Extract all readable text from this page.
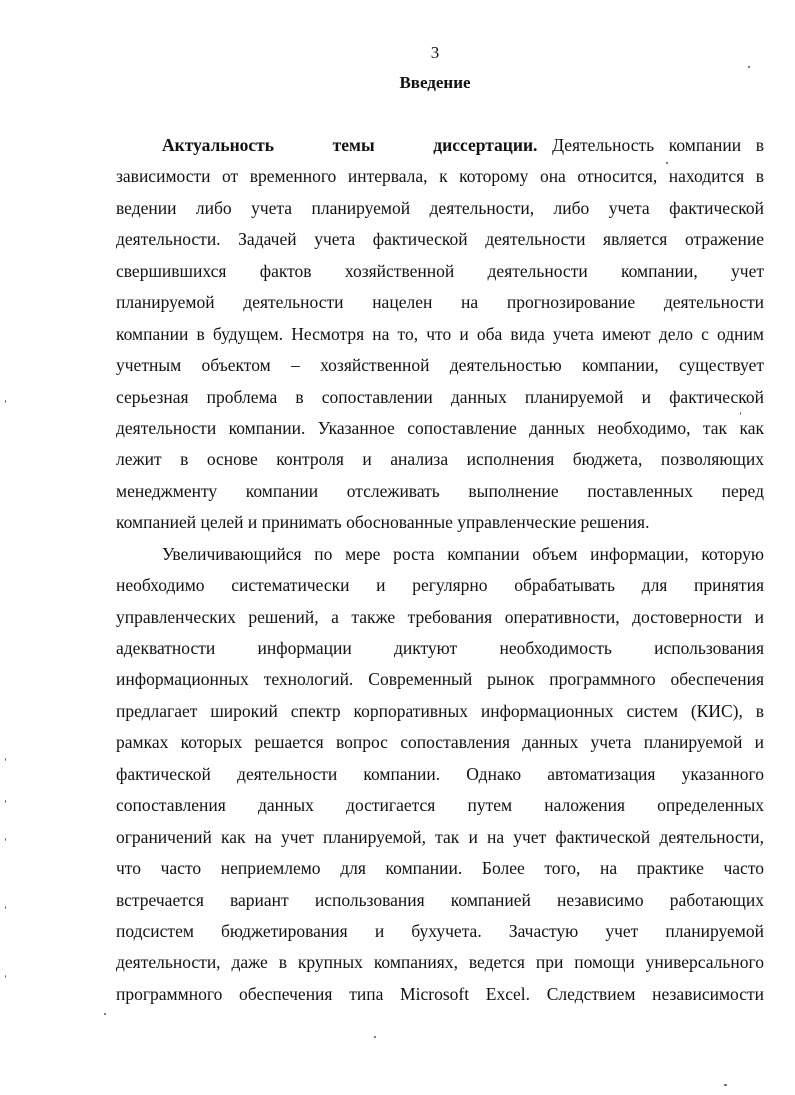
3
Введение
Актуальность темы диссертации. Деятельность компании в
зависимости от временного интервала, к которому она относится, находится в
ведении либо учета планируемой деятельности, либо учета фактической
деятельности. Задачей учета фактической деятельности является отражение
свершившихся фактов хозяйственной деятельности компании, учет
планируемой деятельности нацелен на прогнозирование деятельности
компании в будущем. Несмотря на то, что и оба вида учета имеют дело с одним
учетным объектом – хозяйственной деятельностью компании, существует
серьезная проблема в сопоставлении данных планируемой и фактической
деятельности компании. Указанное сопоставление данных необходимо, так как
лежит в основе контроля и анализа исполнения бюджета, позволяющих
менеджменту компании отслеживать выполнение поставленных перед
компанией целей и принимать обоснованные управленческие решения.
Увеличивающийся по мере роста компании объем информации, которую
необходимо систематически и регулярно обрабатывать для принятия
управленческих решений, а также требования оперативности, достоверности и
адекватности информации диктуют необходимость использования
информационных технологий. Современный рынок программного обеспечения
предлагает широкий спектр корпоративных информационных систем (КИС), в
рамках которых решается вопрос сопоставления данных учета планируемой и
фактической деятельности компании. Однако автоматизация указанного
сопоставления данных достигается путем наложения определенных
ограничений как на учет планируемой, так и на учет фактической деятельности,
что часто неприемлемо для компании. Более того, на практике часто
встречается вариант использования компанией независимо работающих
подсистем бюджетирования и бухучета. Зачастую учет планируемой
деятельности, даже в крупных компаниях, ведется при помощи универсального
программного обеспечения типа Microsoft Excel. Следствием независимости
